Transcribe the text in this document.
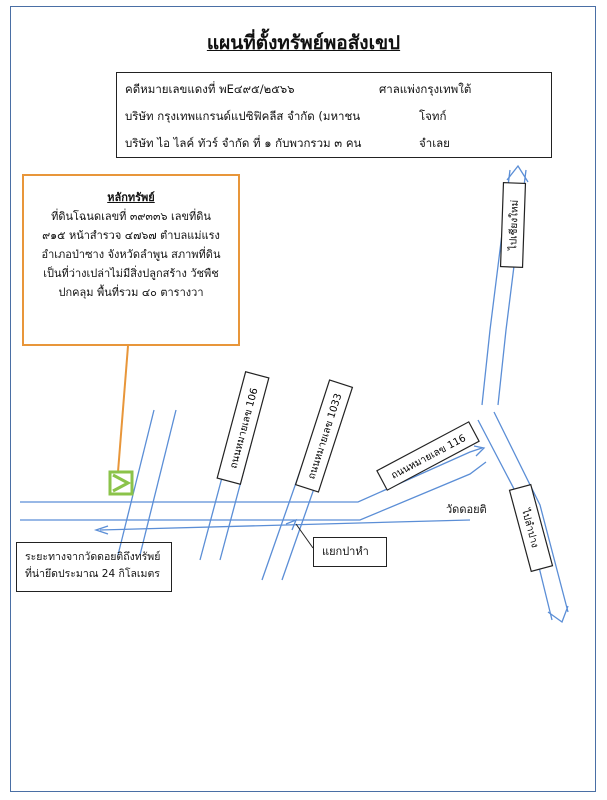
แผนที่ตั้งทรัพย์พอสังเขป
คดีหมายเลขแดงที่ พE๔๙๕/๒๕๖๖	ศาลแพ่งกรุงเทพใต้
บริษัท กรุงเทพแกรนด์แปซิฟิคลีส จำกัด (มหาชน	โจทก์
บริษัท ไอ ไลค์ ทัวร์ จำกัด ที่ ๑ กับพวกรวม ๓ คน	จำเลย
หลักทรัพย์
ที่ดินโฉนดเลขที่ ๓๙๓๓๖ เลขที่ดิน
๙๑๕ หน้าสำรวจ ๔๗๖๗ ตำบลแม่แรง
อำเภอป่าซาง จังหวัดลำพูน สภาพที่ดิน
เป็นที่ว่างเปล่าไม่มีสิ่งปลูกสร้าง วัชพืช
ปกคลุม พื้นที่รวม ๔๐ ตารางวา
ถนนหมายเลข 106	ถนนหมายเลข 1033	ถนนหมายเลข 116
ไปเชียงใหม่
ไปลำปาง
วัดดอยติ
แยกปาหำ
ระยะทางจากวัดดอยติถึงทรัพย์
ที่น่ายึดประมาณ 24 กิโลเมตร
